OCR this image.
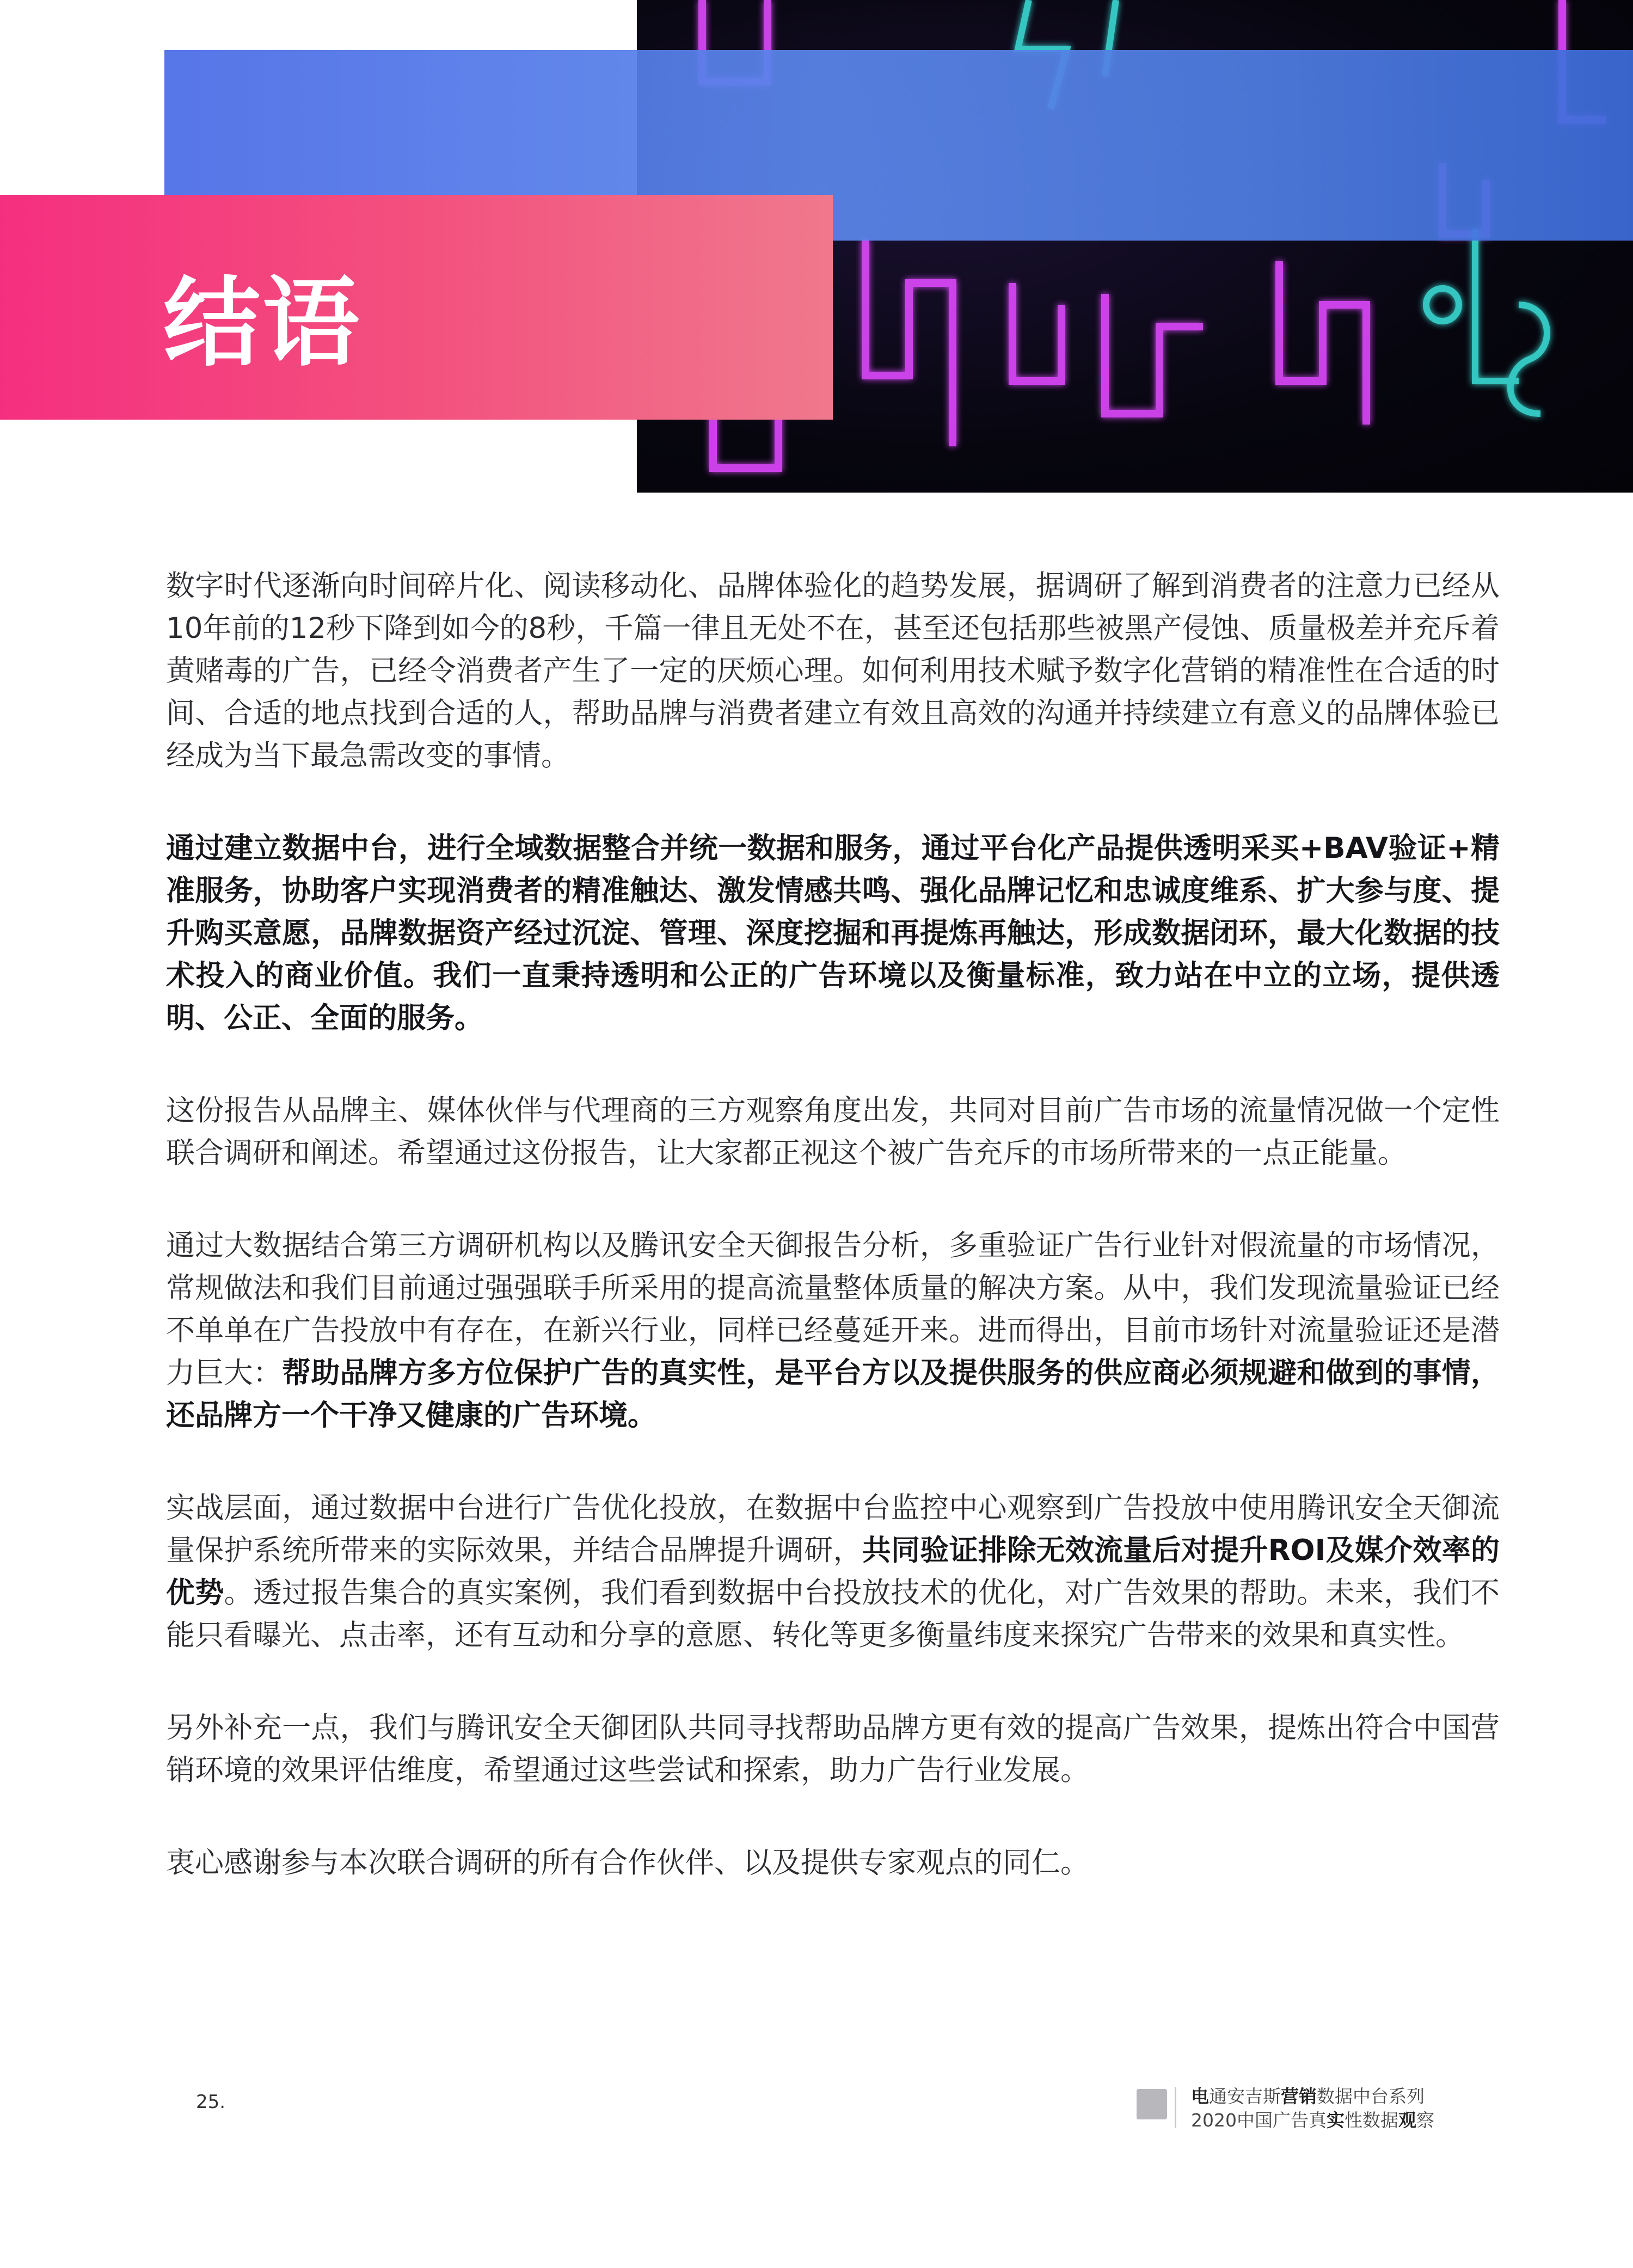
结语

数字时代逐渐向时间碎片化、阅读移动化、品牌体验化的趋势发展，据调研了解到消费者的注意力已经从10年前的12秒下降到如今的8秒，千篇一律且无处不在，甚至还包括那些被黑产侵蚀、质量极差并充斥着黄赌毒的广告，已经令消费者产生了一定的厌烦心理。如何利用技术赋予数字化营销的精准性在合适的时间、合适的地点找到合适的人，帮助品牌与消费者建立有效且高效的沟通并持续建立有意义的品牌体验已经成为当下最急需改变的事情。

通过建立数据中台，进行全域数据整合并统一数据和服务，通过平台化产品提供透明采买+BAV验证+精准服务，协助客户实现消费者的精准触达、激发情感共鸣、强化品牌记忆和忠诚度维系、扩大参与度、提升购买意愿，品牌数据资产经过沉淀、管理、深度挖掘和再提炼再触达，形成数据闭环，最大化数据的技术投入的商业价值。我们一直秉持透明和公正的广告环境以及衡量标准，致力站在中立的立场，提供透明、公正、全面的服务。

这份报告从品牌主、媒体伙伴与代理商的三方观察角度出发，共同对目前广告市场的流量情况做一个定性联合调研和阐述。希望通过这份报告，让大家都正视这个被广告充斥的市场所带来的一点正能量。

通过大数据结合第三方调研机构以及腾讯安全天御报告分析，多重验证广告行业针对假流量的市场情况，常规做法和我们目前通过强强联手所采用的提高流量整体质量的解决方案。从中，我们发现流量验证已经不单单在广告投放中有存在，在新兴行业，同样已经蔓延开来。进而得出，目前市场针对流量验证还是潜力巨大：帮助品牌方多方位保护广告的真实性，是平台方以及提供服务的供应商必须规避和做到的事情，还品牌方一个干净又健康的广告环境。

实战层面，通过数据中台进行广告优化投放，在数据中台监控中心观察到广告投放中使用腾讯安全天御流量保护系统所带来的实际效果，并结合品牌提升调研，共同验证排除无效流量后对提升ROI及媒介效率的优势。透过报告集合的真实案例，我们看到数据中台投放技术的优化，对广告效果的帮助。未来，我们不能只看曝光、点击率，还有互动和分享的意愿、转化等更多衡量纬度来探究广告带来的效果和真实性。

另外补充一点，我们与腾讯安全天御团队共同寻找帮助品牌方更有效的提高广告效果，提炼出符合中国营销环境的效果评估维度，希望通过这些尝试和探索，助力广告行业发展。

衷心感谢参与本次联合调研的所有合作伙伴、以及提供专家观点的同仁。

25.	电通安吉斯营销数据中台系列
2020中国广告真实性数据观察
